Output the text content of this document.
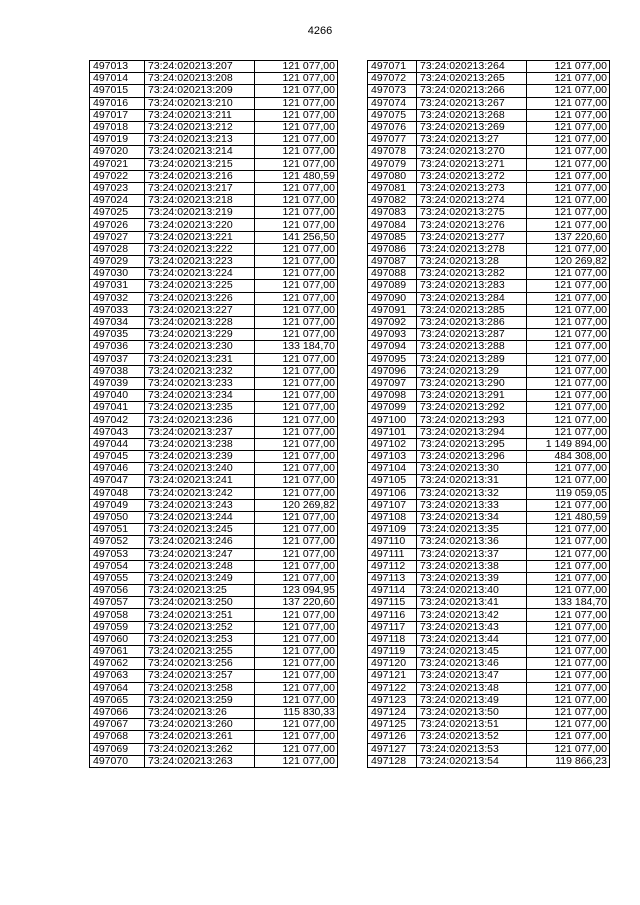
4266
497013	73:24:020213:207	121 077,00
497014	73:24:020213:208	121 077,00
497015	73:24:020213:209	121 077,00
497016	73:24:020213:210	121 077,00
497017	73:24:020213:211	121 077,00
497018	73:24:020213:212	121 077,00
497019	73:24:020213:213	121 077,00
497020	73:24:020213:214	121 077,00
497021	73:24:020213:215	121 077,00
497022	73:24:020213:216	121 480,59
497023	73:24:020213:217	121 077,00
497024	73:24:020213:218	121 077,00
497025	73:24:020213:219	121 077,00
497026	73:24:020213:220	121 077,00
497027	73:24:020213:221	141 256,50
497028	73:24:020213:222	121 077,00
497029	73:24:020213:223	121 077,00
497030	73:24:020213:224	121 077,00
497031	73:24:020213:225	121 077,00
497032	73:24:020213:226	121 077,00
497033	73:24:020213:227	121 077,00
497034	73:24:020213:228	121 077,00
497035	73:24:020213:229	121 077,00
497036	73:24:020213:230	133 184,70
497037	73:24:020213:231	121 077,00
497038	73:24:020213:232	121 077,00
497039	73:24:020213:233	121 077,00
497040	73:24:020213:234	121 077,00
497041	73:24:020213:235	121 077,00
497042	73:24:020213:236	121 077,00
497043	73:24:020213:237	121 077,00
497044	73:24:020213:238	121 077,00
497045	73:24:020213:239	121 077,00
497046	73:24:020213:240	121 077,00
497047	73:24:020213:241	121 077,00
497048	73:24:020213:242	121 077,00
497049	73:24:020213:243	120 269,82
497050	73:24:020213:244	121 077,00
497051	73:24:020213:245	121 077,00
497052	73:24:020213:246	121 077,00
497053	73:24:020213:247	121 077,00
497054	73:24:020213:248	121 077,00
497055	73:24:020213:249	121 077,00
497056	73:24:020213:25	123 094,95
497057	73:24:020213:250	137 220,60
497058	73:24:020213:251	121 077,00
497059	73:24:020213:252	121 077,00
497060	73:24:020213:253	121 077,00
497061	73:24:020213:255	121 077,00
497062	73:24:020213:256	121 077,00
497063	73:24:020213:257	121 077,00
497064	73:24:020213:258	121 077,00
497065	73:24:020213:259	121 077,00
497066	73:24:020213:26	115 830,33
497067	73:24:020213:260	121 077,00
497068	73:24:020213:261	121 077,00
497069	73:24:020213:262	121 077,00
497070	73:24:020213:263	121 077,00
497071	73:24:020213:264	121 077,00
497072	73:24:020213:265	121 077,00
497073	73:24:020213:266	121 077,00
497074	73:24:020213:267	121 077,00
497075	73:24:020213:268	121 077,00
497076	73:24:020213:269	121 077,00
497077	73:24:020213:27	121 077,00
497078	73:24:020213:270	121 077,00
497079	73:24:020213:271	121 077,00
497080	73:24:020213:272	121 077,00
497081	73:24:020213:273	121 077,00
497082	73:24:020213:274	121 077,00
497083	73:24:020213:275	121 077,00
497084	73:24:020213:276	121 077,00
497085	73:24:020213:277	137 220,60
497086	73:24:020213:278	121 077,00
497087	73:24:020213:28	120 269,82
497088	73:24:020213:282	121 077,00
497089	73:24:020213:283	121 077,00
497090	73:24:020213:284	121 077,00
497091	73:24:020213:285	121 077,00
497092	73:24:020213:286	121 077,00
497093	73:24:020213:287	121 077,00
497094	73:24:020213:288	121 077,00
497095	73:24:020213:289	121 077,00
497096	73:24:020213:29	121 077,00
497097	73:24:020213:290	121 077,00
497098	73:24:020213:291	121 077,00
497099	73:24:020213:292	121 077,00
497100	73:24:020213:293	121 077,00
497101	73:24:020213:294	121 077,00
497102	73:24:020213:295	1 149 894,00
497103	73:24:020213:296	484 308,00
497104	73:24:020213:30	121 077,00
497105	73:24:020213:31	121 077,00
497106	73:24:020213:32	119 059,05
497107	73:24:020213:33	121 077,00
497108	73:24:020213:34	121 480,59
497109	73:24:020213:35	121 077,00
497110	73:24:020213:36	121 077,00
497111	73:24:020213:37	121 077,00
497112	73:24:020213:38	121 077,00
497113	73:24:020213:39	121 077,00
497114	73:24:020213:40	121 077,00
497115	73:24:020213:41	133 184,70
497116	73:24:020213:42	121 077,00
497117	73:24:020213:43	121 077,00
497118	73:24:020213:44	121 077,00
497119	73:24:020213:45	121 077,00
497120	73:24:020213:46	121 077,00
497121	73:24:020213:47	121 077,00
497122	73:24:020213:48	121 077,00
497123	73:24:020213:49	121 077,00
497124	73:24:020213:50	121 077,00
497125	73:24:020213:51	121 077,00
497126	73:24:020213:52	121 077,00
497127	73:24:020213:53	121 077,00
497128	73:24:020213:54	119 866,23
